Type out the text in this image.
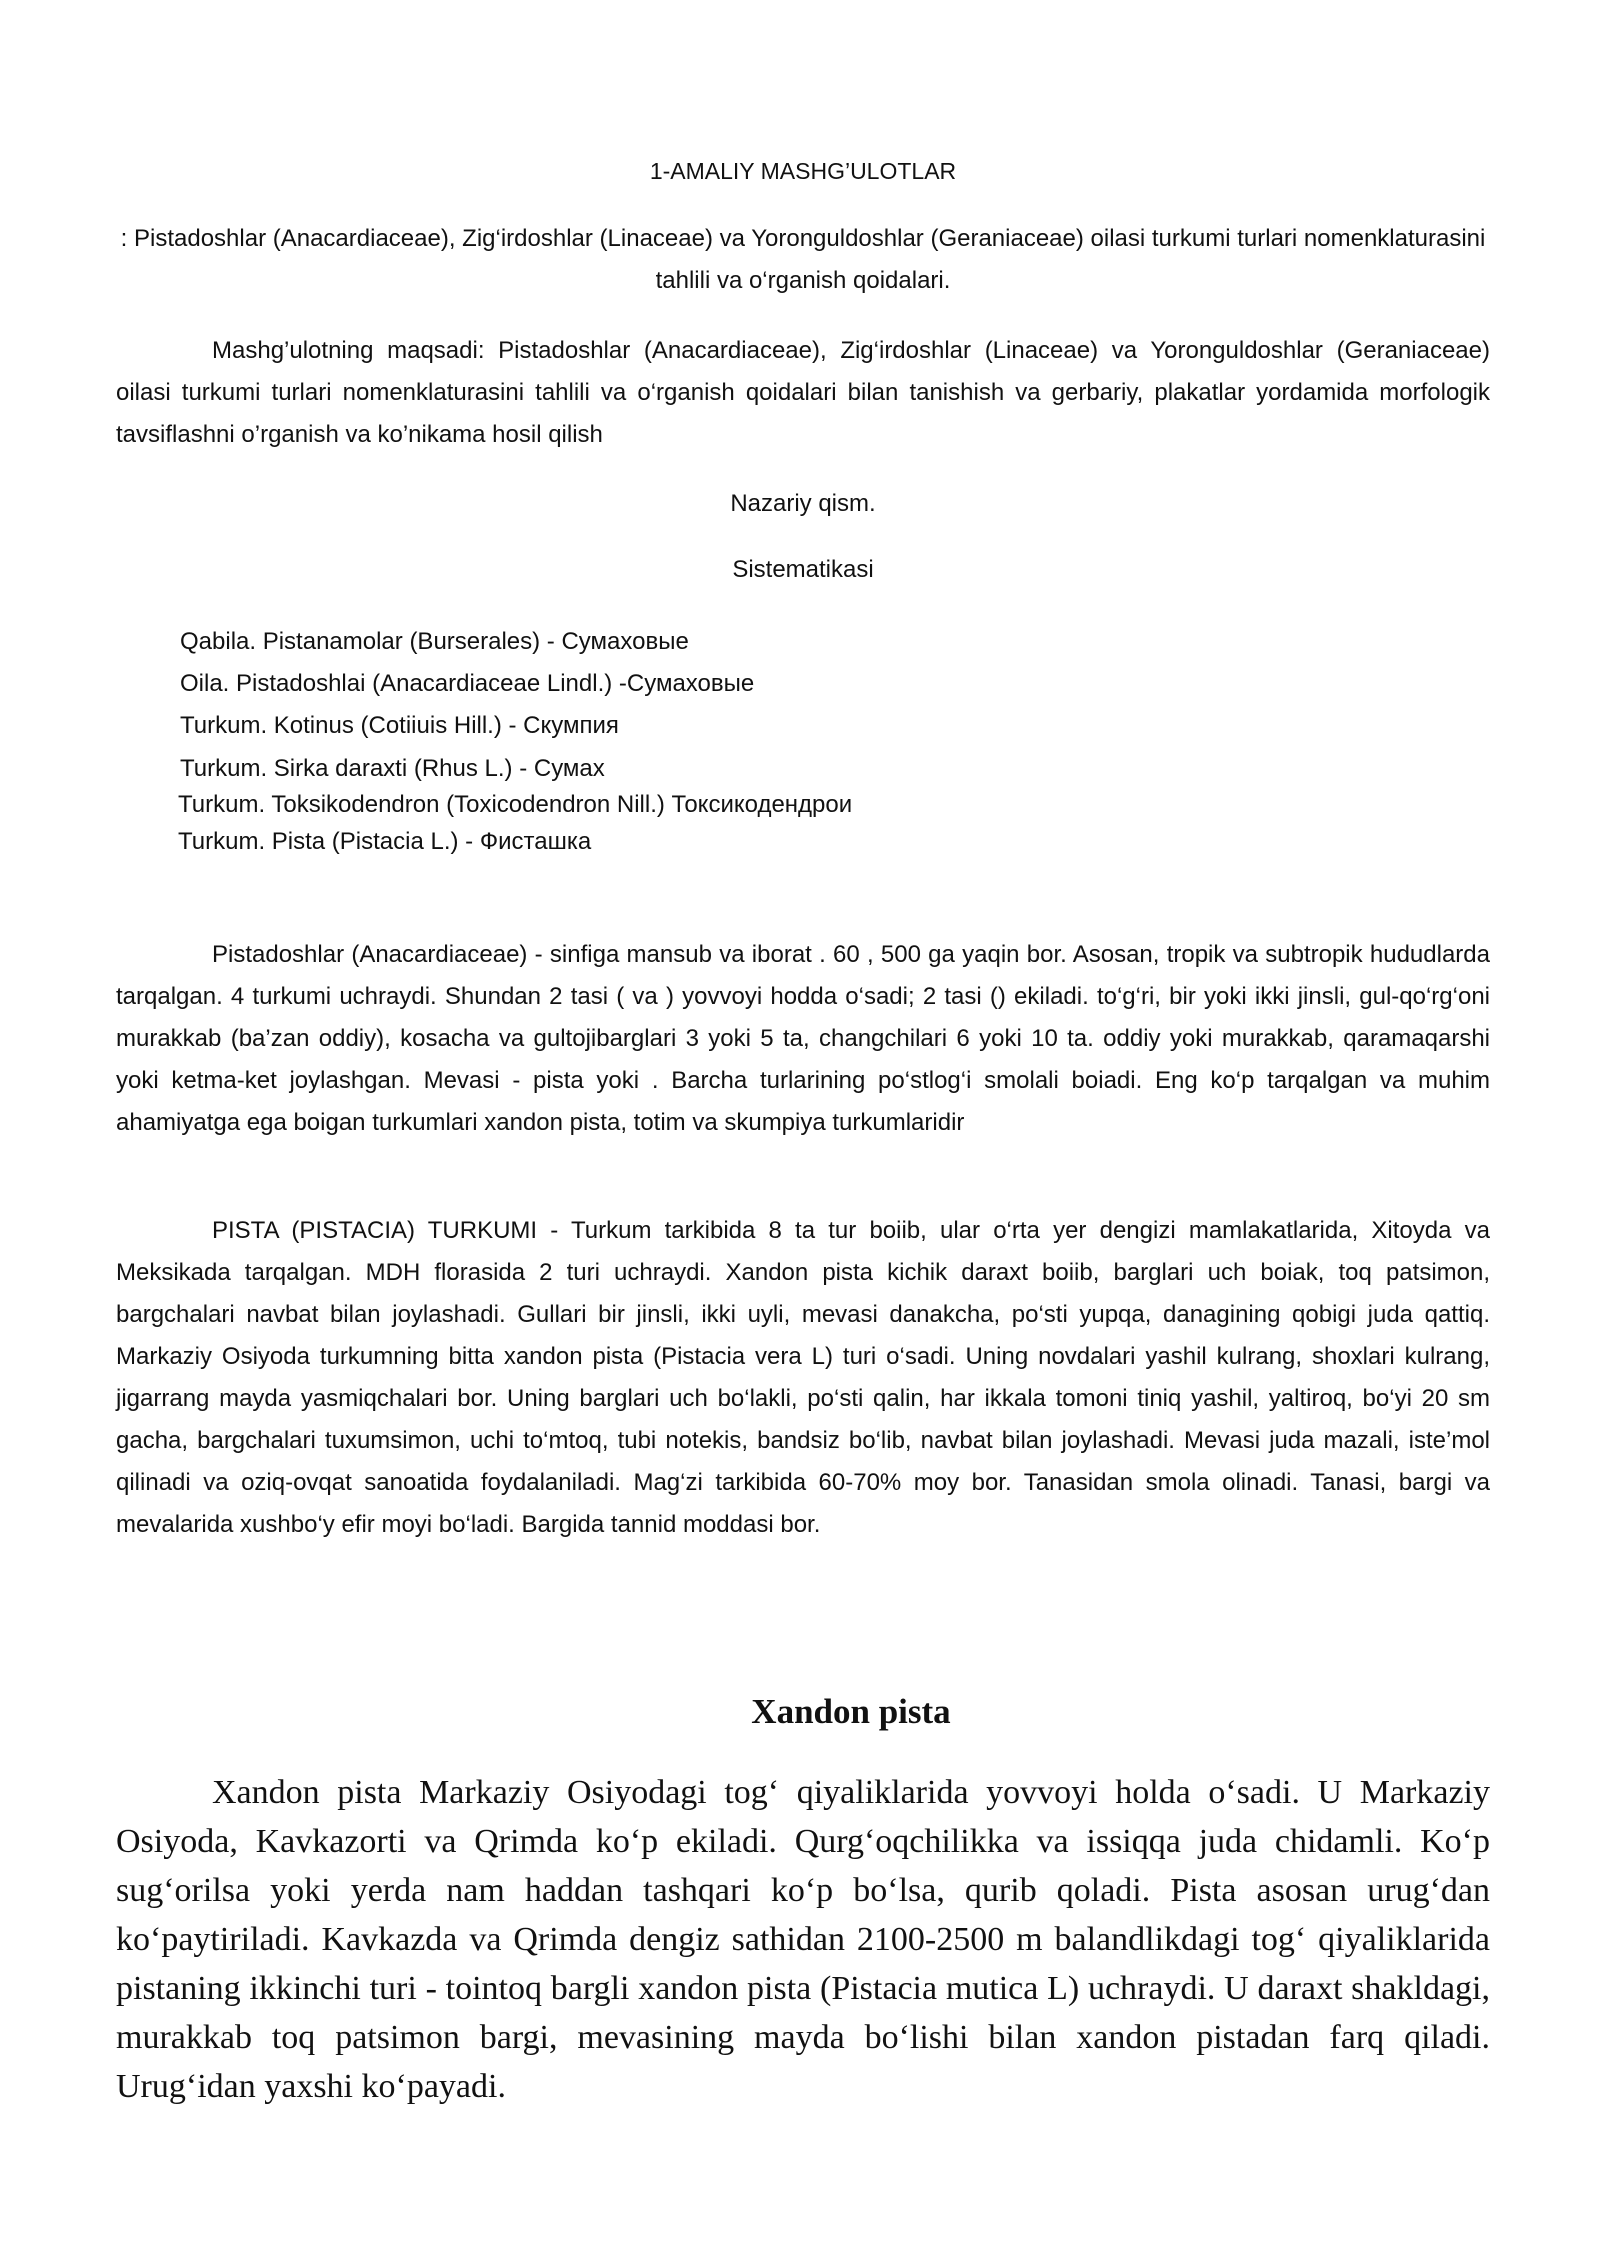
1-AMALIY MASHG’ULOTLAR
: Pistadoshlar (Anacardiaceae), Zig‘irdoshlar (Linaceae) va Yoronguldoshlar (Geraniaceae) oilasi turkumi turlari nomenklaturasini tahlili va o‘rganish qoidalari.
Mashg’ulotning maqsadi: Pistadoshlar (Anacardiaceae), Zig‘irdoshlar (Linaceae) va Yoronguldoshlar (Geraniaceae) oilasi turkumi turlari nomenklaturasini tahlili va o‘rganish qoidalari bilan tanishish va gerbariy, plakatlar yordamida morfologik tavsiflashni o’rganish va ko’nikama hosil qilish
Nazariy qism.
Sistematikasi
Qabila. Pistanamolar (Burserales) - Сумаховые
Oila. Pistadoshlai (Anacardiaceae Lindl.) -Сумаховые
Turkum. Kotinus (Cotiiuis Hill.) - Скумпия
Turkum. Sirka daraxti (Rhus L.) - Сумах
Turkum. Toksikodendron (Toxicodendron Nill.) Токсикодендрои
Turkum. Pista (Pistacia L.) - Фисташка
Pistadoshlar (Anacardiaceae) - sinfiga mansub va iborat . 60 , 500 ga yaqin bor. Asosan, tropik va subtropik hududlarda tarqalgan. 4 turkumi uchraydi. Shundan 2 tasi ( va ) yovvoyi hodda o‘sadi; 2 tasi () ekiladi. to‘g‘ri, bir yoki ikki jinsli, gul-qo‘rg‘oni murakkab (ba’zan oddiy), kosacha va gultojibarglari 3 yoki 5 ta, changchilari 6 yoki 10 ta. oddiy yoki murakkab, qaramaqarshi yoki ketma-ket joylashgan. Mevasi - pista yoki . Barcha turlarining po‘stlog‘i smolali boiadi. Eng ko‘p tarqalgan va muhim ahamiyatga ega boigan turkumlari xandon pista, totim va skumpiya turkumlaridir
PISTA (PISTACIA) TURKUMI - Turkum tarkibida 8 ta tur boiib, ular o‘rta yer dengizi mamlakatlarida, Xitoyda va Meksikada tarqalgan. MDH florasida 2 turi uchraydi. Xandon pista kichik daraxt boiib, barglari uch boiak, toq patsimon, bargchalari navbat bilan joylashadi. Gullari bir jinsli, ikki uyli, mevasi danakcha, po‘sti yupqa, danagining qobigi juda qattiq. Markaziy Osiyoda turkumning bitta xandon pista (Pistacia vera L) turi o‘sadi. Uning novdalari yashil kulrang, shoxlari kulrang, jigarrang mayda yasmiqchalari bor. Uning barglari uch bo‘lakli, po‘sti qalin, har ikkala tomoni tiniq yashil, yaltiroq, bo‘yi 20 sm gacha, bargchalari tuxumsimon, uchi to‘mtoq, tubi notekis, bandsiz bo‘lib, navbat bilan joylashadi. Mevasi juda mazali, iste’mol qilinadi va oziq-ovqat sanoatida foydalaniladi. Mag‘zi tarkibida 60-70% moy bor. Tanasidan smola olinadi. Tanasi, bargi va mevalarida xushbo‘y efir moyi bo‘ladi. Bargida tannid moddasi bor.
Xandon pista
Xandon pista Markaziy Osiyodagi tog‘ qiyaliklarida yovvoyi holda o‘sadi. U Markaziy Osiyoda, Kavkazorti va Qrimda ko‘p ekiladi. Qurg‘oqchilikka va issiqqa juda chidamli. Ko‘p sug‘orilsa yoki yerda nam haddan tashqari ko‘p bo‘lsa, qurib qoladi. Pista asosan urug‘dan ko‘paytiriladi. Kavkazda va Qrimda dengiz sathidan 2100-2500 m balandlikdagi tog‘ qiyaliklarida pistaning ikkinchi turi - tointoq bargli xandon pista (Pistacia mutica L) uchraydi. U daraxt shakldagi, murakkab toq patsimon bargi, mevasining mayda bo‘lishi bilan xandon pistadan farq qiladi. Urug‘idan yaxshi ko‘payadi.
